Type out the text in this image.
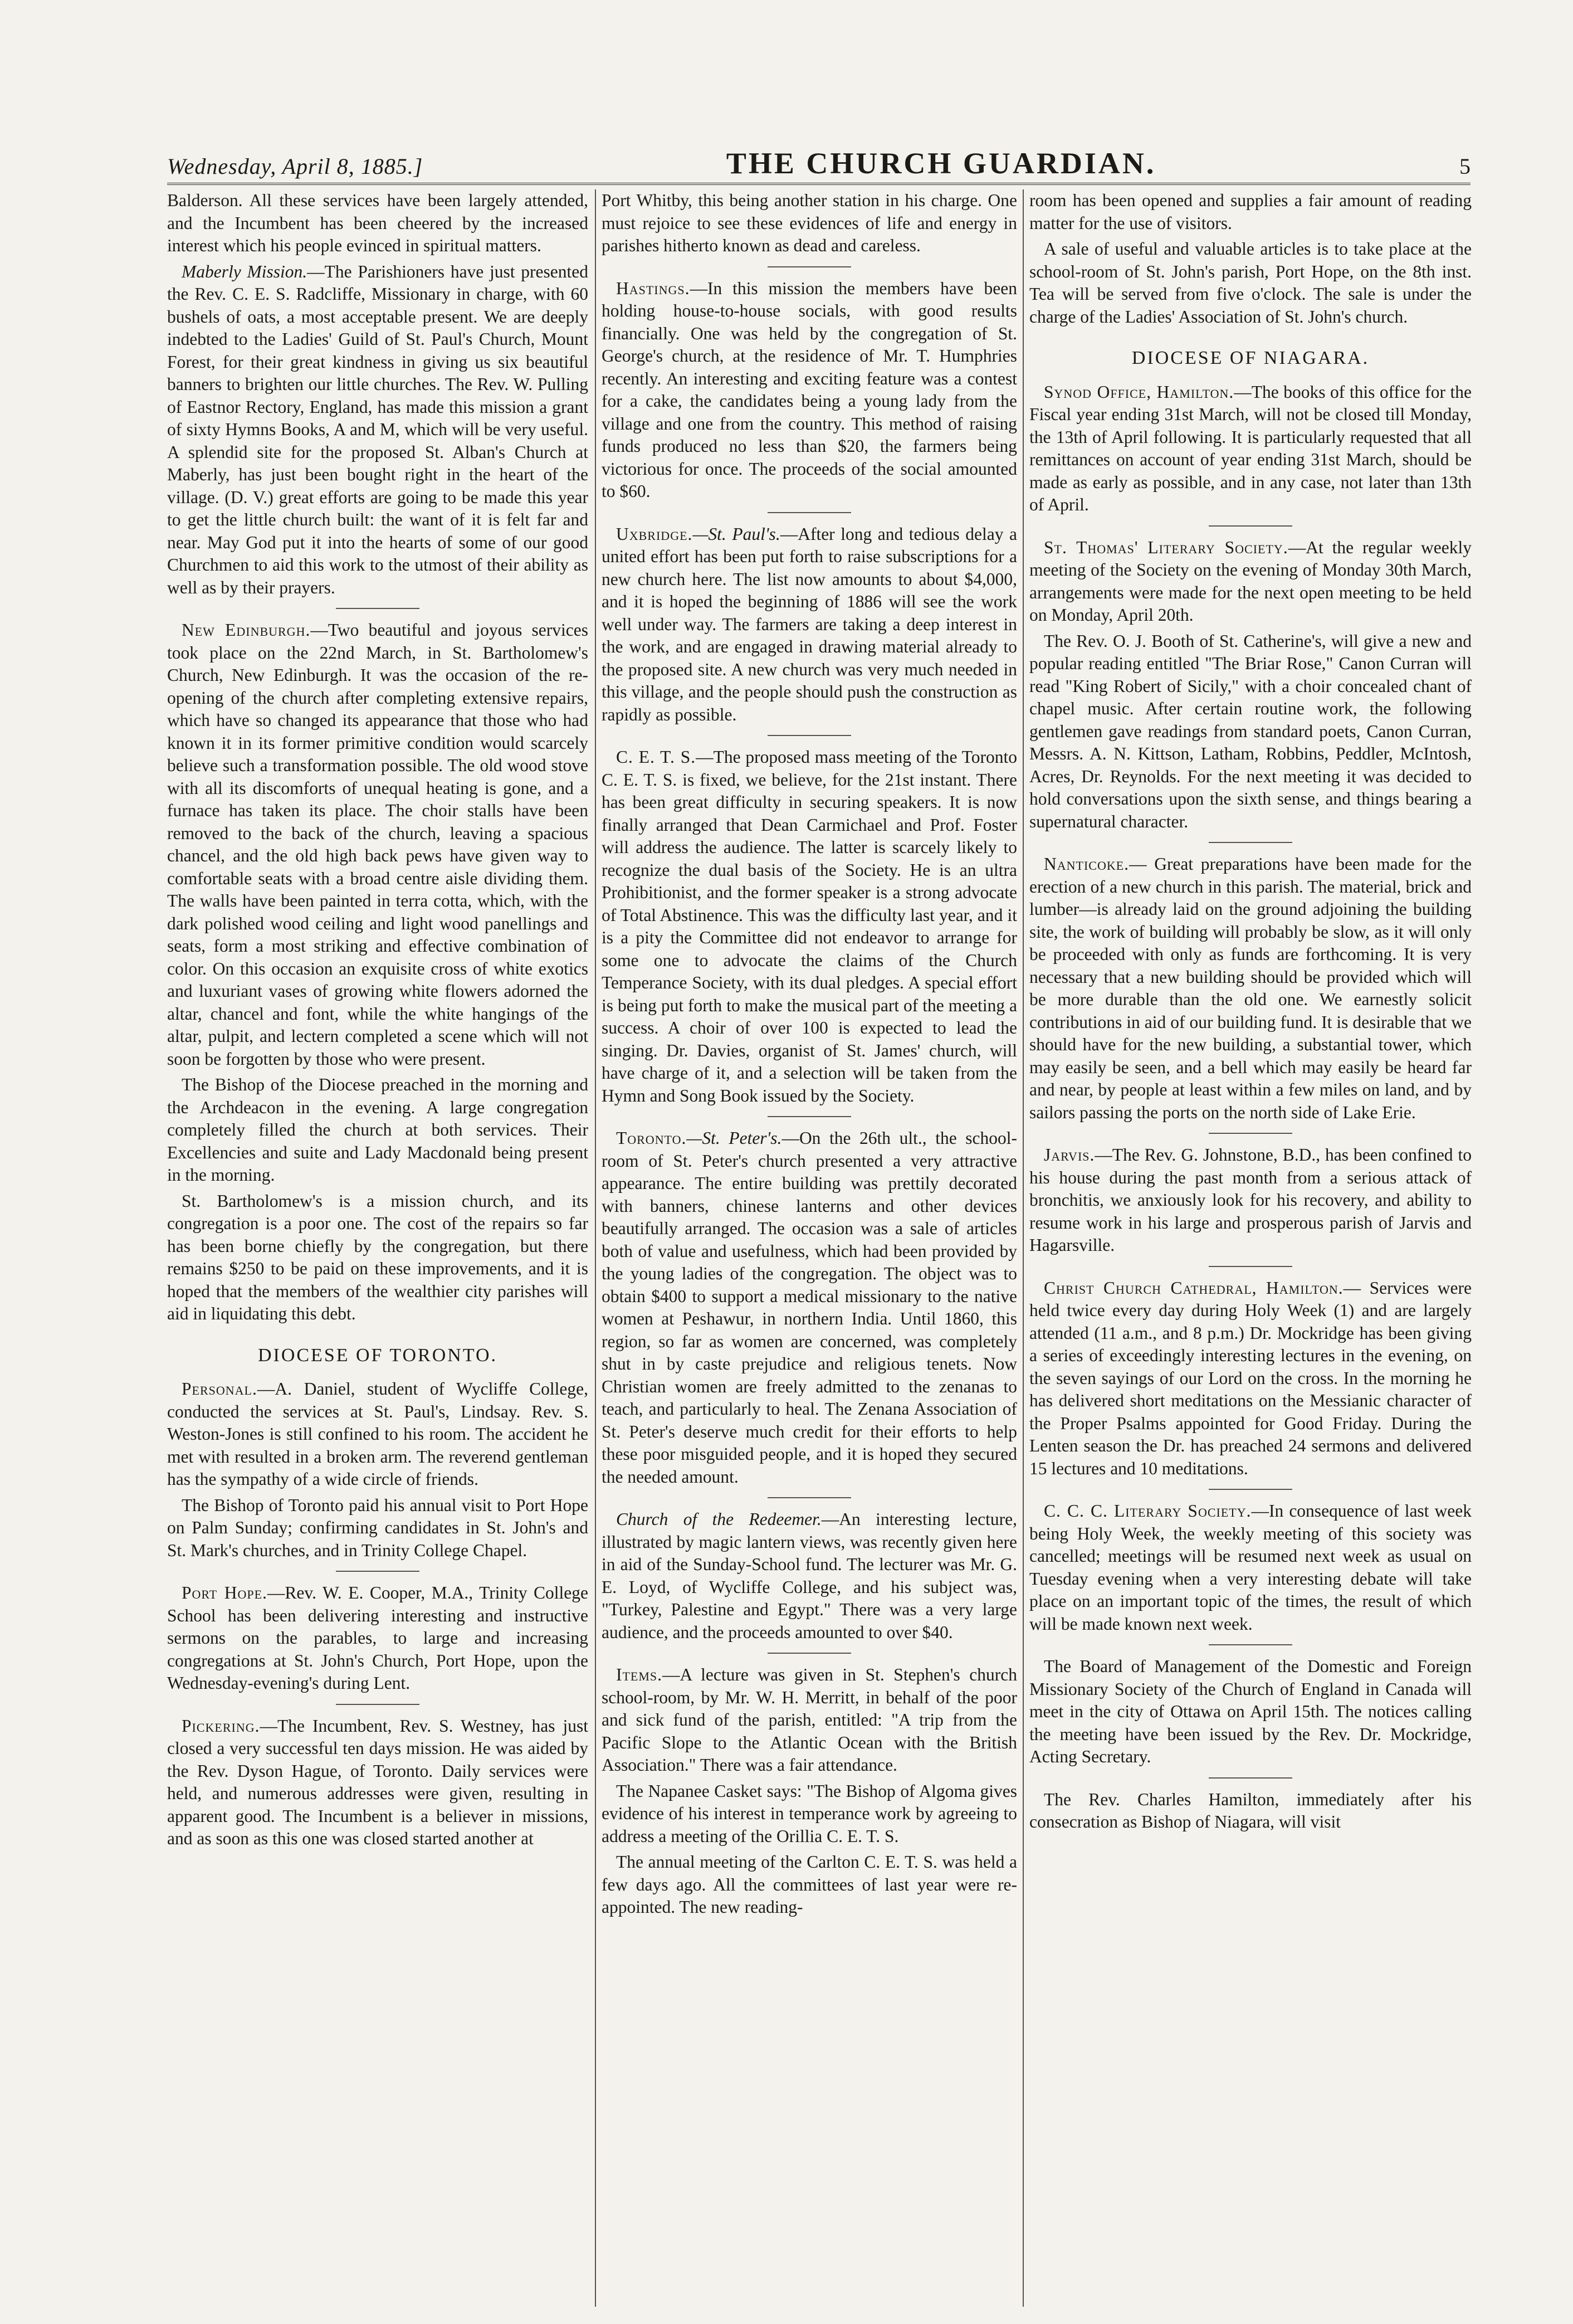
Wednesday, April 8, 1885.]	THE CHURCH GUARDIAN.	5

Balderson. All these services have been largely attended, and the Incumbent has been cheered by the increased interest which his people evinced in spiritual matters.

Maberly Mission.—The Parishioners have just presented the Rev. C. E. S. Radcliffe, Missionary in charge, with 60 bushels of oats, a most acceptable present. We are deeply indebted to the Ladies' Guild of St. Paul's Church, Mount Forest, for their great kindness in giving us six beautiful banners to brighten our little churches. The Rev. W. Pulling of Eastnor Rectory, England, has made this mission a grant of sixty Hymns Books, A and M, which will be very useful. A splendid site for the proposed St. Alban's Church at Maberly, has just been bought right in the heart of the village. (D. V.) great efforts are going to be made this year to get the little church built: the want of it is felt far and near. May God put it into the hearts of some of our good Churchmen to aid this work to the utmost of their ability as well as by their prayers.

New Edinburgh.—Two beautiful and joyous services took place on the 22nd March, in St. Bartholomew's Church, New Edinburgh. It was the occasion of the re-opening of the church after completing extensive repairs, which have so changed its appearance that those who had known it in its former primitive condition would scarcely believe such a transformation possible. The old wood stove with all its discomforts of unequal heating is gone, and a furnace has taken its place. The choir stalls have been removed to the back of the church, leaving a spacious chancel, and the old high back pews have given way to comfortable seats with a broad centre aisle dividing them. The walls have been painted in terra cotta, which, with the dark polished wood ceiling and light wood panellings and seats, form a most striking and effective combination of color. On this occasion an exquisite cross of white exotics and luxuriant vases of growing white flowers adorned the altar, chancel and font, while the white hangings of the altar, pulpit, and lectern completed a scene which will not soon be forgotten by those who were present.

The Bishop of the Diocese preached in the morning and the Archdeacon in the evening. A large congregation completely filled the church at both services. Their Excellencies and suite and Lady Macdonald being present in the morning.

St. Bartholomew's is a mission church, and its congregation is a poor one. The cost of the repairs so far has been borne chiefly by the congregation, but there remains $250 to be paid on these improvements, and it is hoped that the members of the wealthier city parishes will aid in liquidating this debt.

DIOCESE OF TORONTO.

Personal.—A. Daniel, student of Wycliffe College, conducted the services at St. Paul's, Lindsay. Rev. S. Weston-Jones is still confined to his room. The accident he met with resulted in a broken arm. The reverend gentleman has the sympathy of a wide circle of friends.

The Bishop of Toronto paid his annual visit to Port Hope on Palm Sunday; confirming candidates in St. John's and St. Mark's churches, and in Trinity College Chapel.

Port Hope.—Rev. W. E. Cooper, M.A., Trinity College School has been delivering interesting and instructive sermons on the parables, to large and increasing congregations at St. John's Church, Port Hope, upon the Wednesday-evening's during Lent.

Pickering.—The Incumbent, Rev. S. Westney, has just closed a very successful ten days mission. He was aided by the Rev. Dyson Hague, of Toronto. Daily services were held, and numerous addresses were given, resulting in apparent good. The Incumbent is a believer in missions, and as soon as this one was closed started another at

Port Whitby, this being another station in his charge. One must rejoice to see these evidences of life and energy in parishes hitherto known as dead and careless.

Hastings.—In this mission the members have been holding house-to-house socials, with good results financially. One was held by the congregation of St. George's church, at the residence of Mr. T. Humphries recently. An interesting and exciting feature was a contest for a cake, the candidates being a young lady from the village and one from the country. This method of raising funds produced no less than $20, the farmers being victorious for once. The proceeds of the social amounted to $60.

Uxbridge.—St. Paul's.—After long and tedious delay a united effort has been put forth to raise subscriptions for a new church here. The list now amounts to about $4,000, and it is hoped the beginning of 1886 will see the work well under way. The farmers are taking a deep interest in the work, and are engaged in drawing material already to the proposed site. A new church was very much needed in this village, and the people should push the construction as rapidly as possible.

C. E. T. S.—The proposed mass meeting of the Toronto C. E. T. S. is fixed, we believe, for the 21st instant. There has been great difficulty in securing speakers. It is now finally arranged that Dean Carmichael and Prof. Foster will address the audience. The latter is scarcely likely to recognize the dual basis of the Society. He is an ultra Prohibitionist, and the former speaker is a strong advocate of Total Abstinence. This was the difficulty last year, and it is a pity the Committee did not endeavor to arrange for some one to advocate the claims of the Church Temperance Society, with its dual pledges. A special effort is being put forth to make the musical part of the meeting a success. A choir of over 100 is expected to lead the singing. Dr. Davies, organist of St. James' church, will have charge of it, and a selection will be taken from the Hymn and Song Book issued by the Society.

Toronto.—St. Peter's.—On the 26th ult., the school-room of St. Peter's church presented a very attractive appearance. The entire building was prettily decorated with banners, chinese lanterns and other devices beautifully arranged. The occasion was a sale of articles both of value and usefulness, which had been provided by the young ladies of the congregation. The object was to obtain $400 to support a medical missionary to the native women at Peshawur, in northern India. Until 1860, this region, so far as women are concerned, was completely shut in by caste prejudice and religious tenets. Now Christian women are freely admitted to the zenanas to teach, and particularly to heal. The Zenana Association of St. Peter's deserve much credit for their efforts to help these poor misguided people, and it is hoped they secured the needed amount.

Church of the Redeemer.—An interesting lecture, illustrated by magic lantern views, was recently given here in aid of the Sunday-School fund. The lecturer was Mr. G. E. Loyd, of Wycliffe College, and his subject was, "Turkey, Palestine and Egypt." There was a very large audience, and the proceeds amounted to over $40.

Items.—A lecture was given in St. Stephen's church school-room, by Mr. W. H. Merritt, in behalf of the poor and sick fund of the parish, entitled: "A trip from the Pacific Slope to the Atlantic Ocean with the British Association." There was a fair attendance.

The Napanee Casket says: "The Bishop of Algoma gives evidence of his interest in temperance work by agreeing to address a meeting of the Orillia C. E. T. S.

The annual meeting of the Carlton C. E. T. S. was held a few days ago. All the committees of last year were re-appointed. The new reading-

room has been opened and supplies a fair amount of reading matter for the use of visitors.

A sale of useful and valuable articles is to take place at the school-room of St. John's parish, Port Hope, on the 8th inst. Tea will be served from five o'clock. The sale is under the charge of the Ladies' Association of St. John's church.

DIOCESE OF NIAGARA.

Synod Office, Hamilton.—The books of this office for the Fiscal year ending 31st March, will not be closed till Monday, the 13th of April following. It is particularly requested that all remittances on account of year ending 31st March, should be made as early as possible, and in any case, not later than 13th of April.

St. Thomas' Literary Society.—At the regular weekly meeting of the Society on the evening of Monday 30th March, arrangements were made for the next open meeting to be held on Monday, April 20th.

The Rev. O. J. Booth of St. Catherine's, will give a new and popular reading entitled "The Briar Rose," Canon Curran will read "King Robert of Sicily," with a choir concealed chant of chapel music. After certain routine work, the following gentlemen gave readings from standard poets, Canon Curran, Messrs. A. N. Kittson, Latham, Robbins, Peddler, McIntosh, Acres, Dr. Reynolds. For the next meeting it was decided to hold conversations upon the sixth sense, and things bearing a supernatural character.

Nanticoke.— Great preparations have been made for the erection of a new church in this parish. The material, brick and lumber—is already laid on the ground adjoining the building site, the work of building will probably be slow, as it will only be proceeded with only as funds are forthcoming. It is very necessary that a new building should be provided which will be more durable than the old one. We earnestly solicit contributions in aid of our building fund. It is desirable that we should have for the new building, a substantial tower, which may easily be seen, and a bell which may easily be heard far and near, by people at least within a few miles on land, and by sailors passing the ports on the north side of Lake Erie.

Jarvis.—The Rev. G. Johnstone, B.D., has been confined to his house during the past month from a serious attack of bronchitis, we anxiously look for his recovery, and ability to resume work in his large and prosperous parish of Jarvis and Hagarsville.

Christ Church Cathedral, Hamilton.— Services were held twice every day during Holy Week (1) and are largely attended (11 a.m., and 8 p.m.) Dr. Mockridge has been giving a series of exceedingly interesting lectures in the evening, on the seven sayings of our Lord on the cross. In the morning he has delivered short meditations on the Messianic character of the Proper Psalms appointed for Good Friday. During the Lenten season the Dr. has preached 24 sermons and delivered 15 lectures and 10 meditations.

C. C. C. Literary Society.—In consequence of last week being Holy Week, the weekly meeting of this society was cancelled; meetings will be resumed next week as usual on Tuesday evening when a very interesting debate will take place on an important topic of the times, the result of which will be made known next week.

The Board of Management of the Domestic and Foreign Missionary Society of the Church of England in Canada will meet in the city of Ottawa on April 15th. The notices calling the meeting have been issued by the Rev. Dr. Mockridge, Acting Secretary.

The Rev. Charles Hamilton, immediately after his consecration as Bishop of Niagara, will visit
